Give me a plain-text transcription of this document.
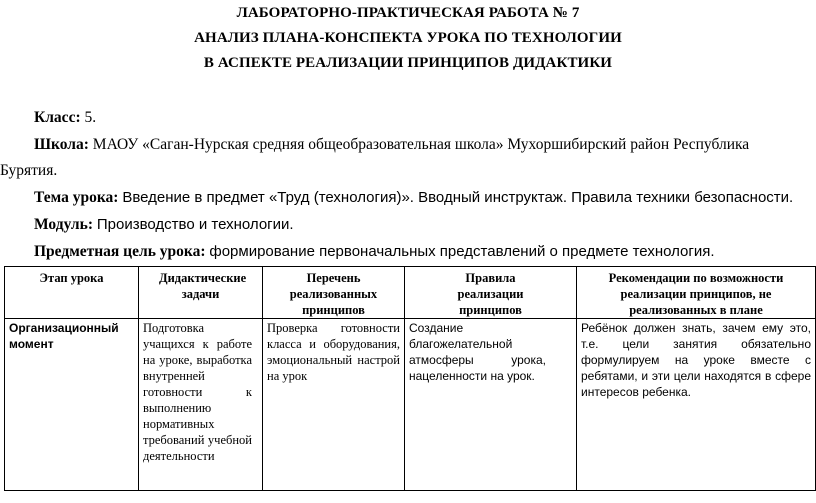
ЛАБОРАТОРНО-ПРАКТИЧЕСКАЯ РАБОТА № 7
АНАЛИЗ ПЛАНА-КОНСПЕКТА УРОКА ПО ТЕХНОЛОГИИ
В АСПЕКТЕ РЕАЛИЗАЦИИ ПРИНЦИПОВ ДИДАКТИКИ
Класс: 5.
Школа: МАОУ «Саган-Нурская средняя общеобразовательная школа» Мухоршибирский район Республика
Бурятия.
Тема урока: Введение в предмет «Труд (технология)». Вводный инструктаж. Правила техники безопасности.
Модуль: Производство и технологии.
Предметная цель урока: формирование первоначальных представлений о предмете технология.
Этап урока	Дидактические задачи	Перечень реализованных принципов	Правила реализации принципов	Рекомендации по возможности реализации принципов, не реализованных в плане
Организационный момент	Подготовка учащихся к работе на уроке, выработка внутренней готовности к выполнению нормативных требований учебной деятельности	Проверка готовности класса и оборудования, эмоциональный настрой на урок	Создание благожелательной атмосферы урока, нацеленности на урок.	Ребёнок должен знать, зачем ему это, т.е. цели занятия обязательно формулируем на уроке вместе с ребятами, и эти цели находятся в сфере интересов ребенка.
